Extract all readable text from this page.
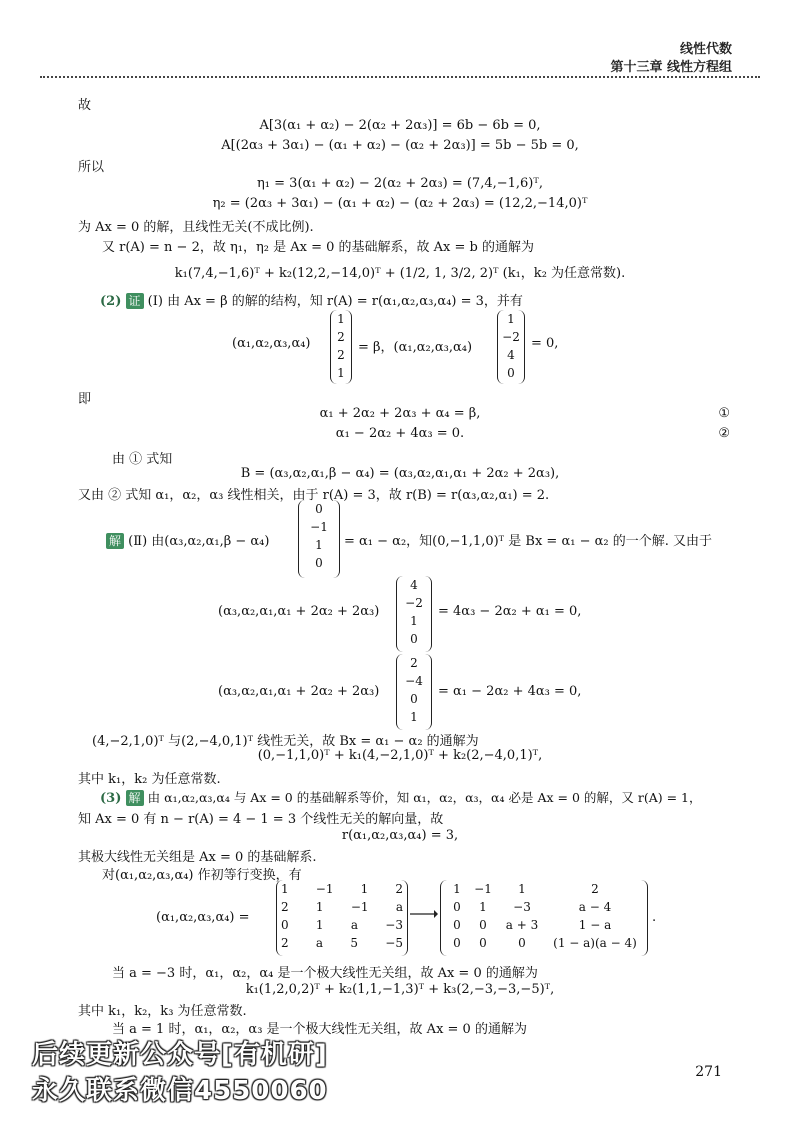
线性代数
第十三章 线性方程组
故
A[3(α₁ + α₂) − 2(α₂ + 2α₃)] = 6b − 6b = 0,
A[(2α₃ + 3α₁) − (α₁ + α₂) − (α₂ + 2α₃)] = 5b − 5b = 0,
所以
η₁ = 3(α₁ + α₂) − 2(α₂ + 2α₃) = (7,4,−1,6)ᵀ,
η₂ = (2α₃ + 3α₁) − (α₁ + α₂) − (α₂ + 2α₃) = (12,2,−14,0)ᵀ
为 Ax = 0 的解，且线性无关(不成比例).
又 r(A) = n − 2，故 η₁，η₂ 是 Ax = 0 的基础解系，故 Ax = b 的通解为
k₁(7,4,−1,6)ᵀ + k₂(12,2,−14,0)ᵀ + (1/2, 1, 3/2, 2)ᵀ (k₁，k₂ 为任意常数).
(2) 证 (Ⅰ) 由 Ax = β 的解的结构，知 r(A) = r(α₁,α₂,α₃,α₄) = 3，并有
(α₁,α₂,α₃,α₄)
1
2
2
1
= β，(α₁,α₂,α₃,α₄)
1
−2
4
0
= 0,
即
α₁ + 2α₂ + 2α₃ + α₄ = β,	①
α₁ − 2α₂ + 4α₃ = 0.	②
由 ① 式知
B = (α₃,α₂,α₁,β − α₄) = (α₃,α₂,α₁,α₁ + 2α₂ + 2α₃),
又由 ② 式知 α₁，α₂，α₃ 线性相关，由于 r(A) = 3，故 r(B) = r(α₃,α₂,α₁) = 2.
解 (Ⅱ) 由(α₃,α₂,α₁,β − α₄)
0
−1
1
0
= α₁ − α₂，知(0,−1,1,0)ᵀ 是 Bx = α₁ − α₂ 的一个解. 又由于
(α₃,α₂,α₁,α₁ + 2α₂ + 2α₃)
4
−2
1
0
= 4α₃ − 2α₂ + α₁ = 0,
(α₃,α₂,α₁,α₁ + 2α₂ + 2α₃)
2
−4
0
1
= α₁ − 2α₂ + 4α₃ = 0,
(4,−2,1,0)ᵀ 与(2,−4,0,1)ᵀ 线性无关，故 Bx = α₁ − α₂ 的通解为
(0,−1,1,0)ᵀ + k₁(4,−2,1,0)ᵀ + k₂(2,−4,0,1)ᵀ,
其中 k₁，k₂ 为任意常数.
(3) 解 由 α₁,α₂,α₃,α₄ 与 Ax = 0 的基础解系等价，知 α₁，α₂，α₃，α₄ 必是 Ax = 0 的解，又 r(A) = 1，
知 Ax = 0 有 n − r(A) = 4 − 1 = 3 个线性无关的解向量，故
r(α₁,α₂,α₃,α₄) = 3,
其极大线性无关组是 Ax = 0 的基础解系.
对(α₁,α₂,α₃,α₄) 作初等行变换，有
(α₁,α₂,α₃,α₄) =
1 −1 1 2
2 1 −1 a
0 1 a −3
2 a 5 −5
1	−1	1	2
0	1	−3	a − 4
0	0	a + 3	1 − a
0	0	0	(1 − a)(a − 4)
.
当 a = −3 时，α₁，α₂，α₄ 是一个极大线性无关组，故 Ax = 0 的通解为
k₁(1,2,0,2)ᵀ + k₂(1,1,−1,3)ᵀ + k₃(2,−3,−3,−5)ᵀ,
其中 k₁，k₂，k₃ 为任意常数.
当 a = 1 时，α₁，α₂，α₃ 是一个极大线性无关组，故 Ax = 0 的通解为
后续更新公众号[有机研]
永久联系微信4550060
271
